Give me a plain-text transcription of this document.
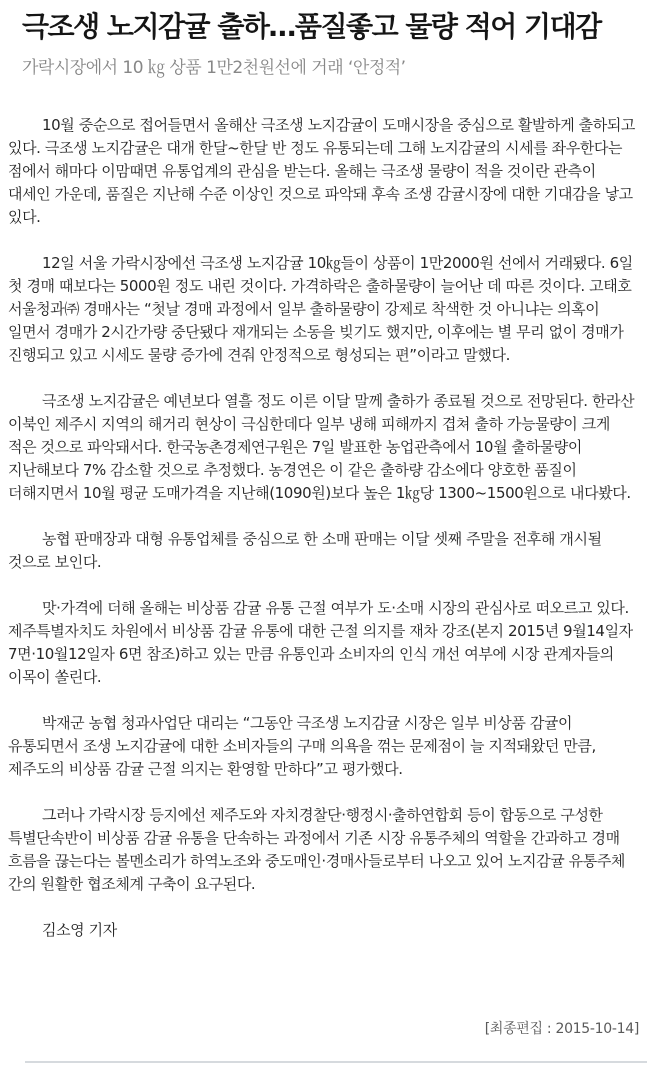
극조생 노지감귤 출하…품질좋고 물량 적어 기대감

가락시장에서 10 ㎏ 상품 1만2천원선에 거래 ‘안정적’

10월 중순으로 접어들면서 올해산 극조생 노지감귤이 도매시장을 중심으로 활발하게 출하되고 있다. 극조생 노지감귤은 대개 한달~한달 반 정도 유통되는데 그해 노지감귤의 시세를 좌우한다는 점에서 해마다 이맘때면 유통업계의 관심을 받는다. 올해는 극조생 물량이 적을 것이란 관측이 대세인 가운데, 품질은 지난해 수준 이상인 것으로 파악돼 후속 조생 감귤시장에 대한 기대감을 낳고 있다.

12일 서울 가락시장에선 극조생 노지감귤 10㎏들이 상품이 1만2000원 선에서 거래됐다. 6일 첫 경매 때보다는 5000원 정도 내린 것이다. 가격하락은 출하물량이 늘어난 데 따른 것이다. 고태호 서울청과㈜ 경매사는 “첫날 경매 과정에서 일부 출하물량이 강제로 착색한 것 아니냐는 의혹이 일면서 경매가 2시간가량 중단됐다 재개되는 소동을 빚기도 했지만, 이후에는 별 무리 없이 경매가 진행되고 있고 시세도 물량 증가에 견줘 안정적으로 형성되는 편”이라고 말했다.

극조생 노지감귤은 예년보다 열흘 정도 이른 이달 말께 출하가 종료될 것으로 전망된다. 한라산 이북인 제주시 지역의 해거리 현상이 극심한데다 일부 냉해 피해까지 겹쳐 출하 가능물량이 크게 적은 것으로 파악돼서다. 한국농촌경제연구원은 7일 발표한 농업관측에서 10월 출하물량이 지난해보다 7% 감소할 것으로 추정했다. 농경연은 이 같은 출하량 감소에다 양호한 품질이 더해지면서 10월 평균 도매가격을 지난해(1090원)보다 높은 1㎏당 1300~1500원으로 내다봤다.

농협 판매장과 대형 유통업체를 중심으로 한 소매 판매는 이달 셋째 주말을 전후해 개시될 것으로 보인다.

맛·가격에 더해 올해는 비상품 감귤 유통 근절 여부가 도·소매 시장의 관심사로 떠오르고 있다. 제주특별자치도 차원에서 비상품 감귤 유통에 대한 근절 의지를 재차 강조(본지 2015년 9월14일자 7면·10월12일자 6면 참조)하고 있는 만큼 유통인과 소비자의 인식 개선 여부에 시장 관계자들의 이목이 쏠린다.

박재군 농협 청과사업단 대리는 “그동안 극조생 노지감귤 시장은 일부 비상품 감귤이 유통되면서 조생 노지감귤에 대한 소비자들의 구매 의욕을 꺾는 문제점이 늘 지적돼왔던 만큼, 제주도의 비상품 감귤 근절 의지는 환영할 만하다”고 평가했다.

그러나 가락시장 등지에선 제주도와 자치경찰단·행정시·출하연합회 등이 합동으로 구성한 특별단속반이 비상품 감귤 유통을 단속하는 과정에서 기존 시장 유통주체의 역할을 간과하고 경매 흐름을 끊는다는 볼멘소리가 하역노조와 중도매인·경매사들로부터 나오고 있어 노지감귤 유통주체 간의 원활한 협조체계 구축이 요구된다.

김소영 기자

[최종편집 : 2015-10-14]
